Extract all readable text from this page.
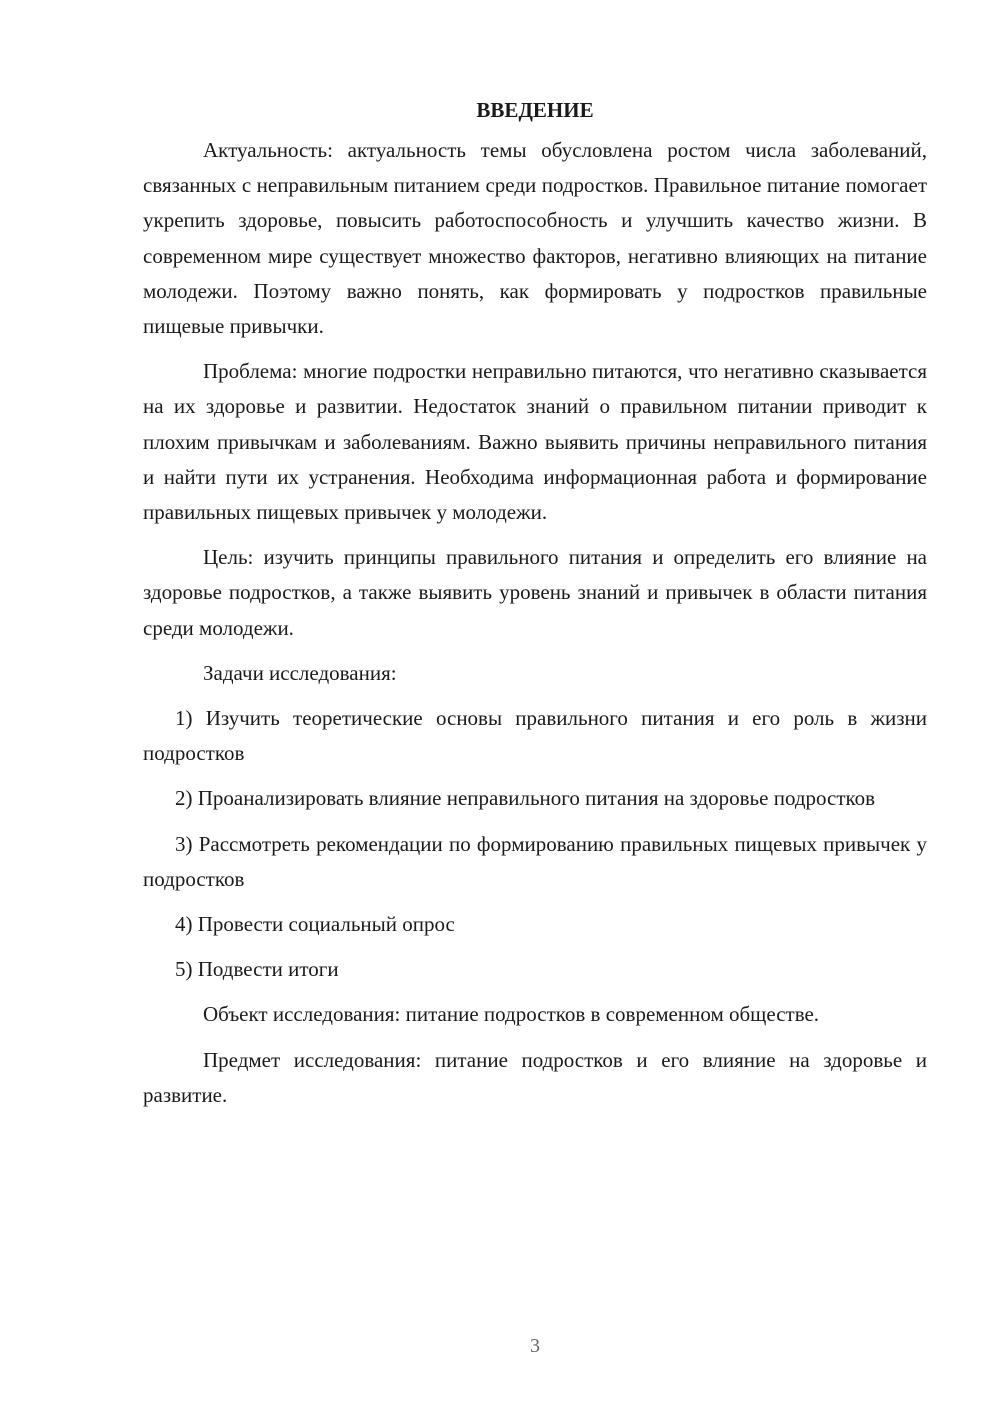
ВВЕДЕНИЕ

Актуальность: актуальность темы обусловлена ростом числа заболеваний, связанных с неправильным питанием среди подростков. Правильное питание помогает укрепить здоровье, повысить работоспособность и улучшить качество жизни. В современном мире существует множество факторов, негативно влияющих на питание молодежи. Поэтому важно понять, как формировать у подростков правильные пищевые привычки.

Проблема: многие подростки неправильно питаются, что негативно сказывается на их здоровье и развитии. Недостаток знаний о правильном питании приводит к плохим привычкам и заболеваниям. Важно выявить причины неправильного питания и найти пути их устранения. Необходима информационная работа и формирование правильных пищевых привычек у молодежи.

Цель: изучить принципы правильного питания и определить его влияние на здоровье подростков, а также выявить уровень знаний и привычек в области питания среди молодежи.

Задачи исследования:

1) Изучить теоретические основы правильного питания и его роль в жизни подростков

2) Проанализировать влияние неправильного питания на здоровье подростков

3) Рассмотреть рекомендации по формированию правильных пищевых привычек у подростков

4) Провести социальный опрос

5) Подвести итоги

Объект исследования: питание подростков в современном обществе.

Предмет исследования: питание подростков и его влияние на здоровье и развитие.

3
